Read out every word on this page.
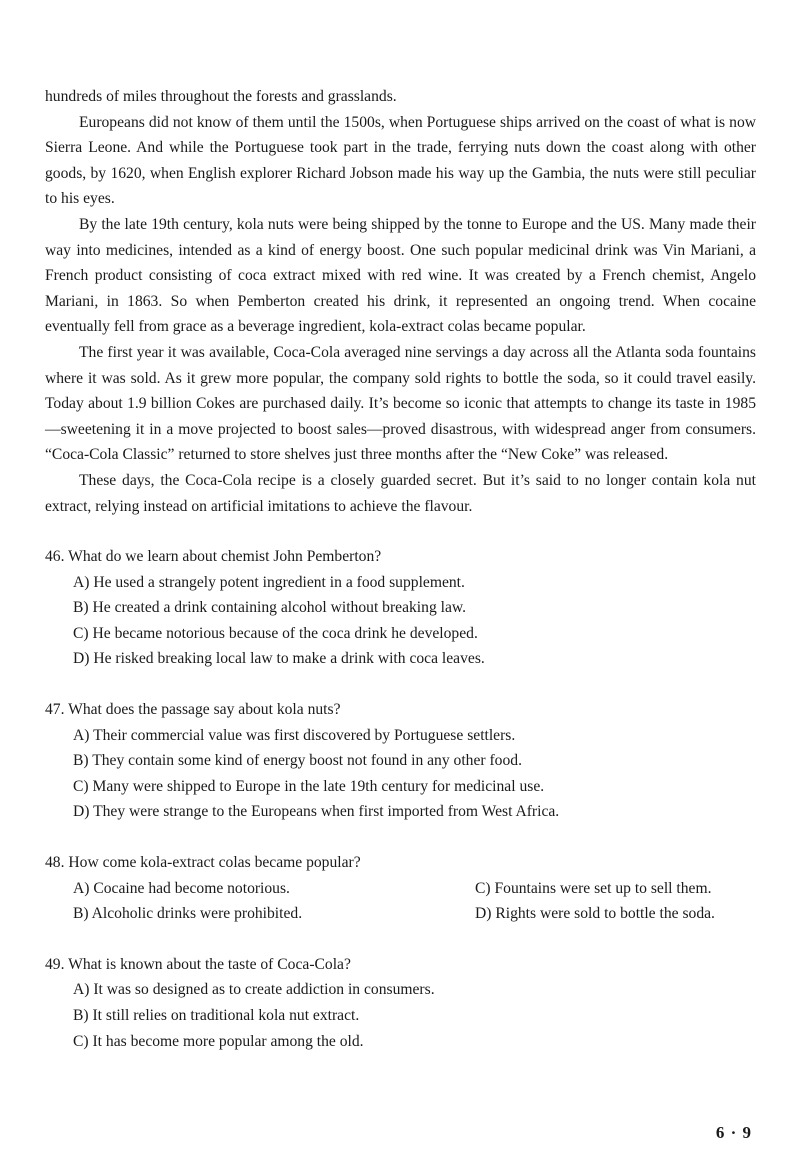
hundreds of miles throughout the forests and grasslands.

Europeans did not know of them until the 1500s, when Portuguese ships arrived on the coast of what is now Sierra Leone. And while the Portuguese took part in the trade, ferrying nuts down the coast along with other goods, by 1620, when English explorer Richard Jobson made his way up the Gambia, the nuts were still peculiar to his eyes.

By the late 19th century, kola nuts were being shipped by the tonne to Europe and the US. Many made their way into medicines, intended as a kind of energy boost. One such popular medicinal drink was Vin Mariani, a French product consisting of coca extract mixed with red wine. It was created by a French chemist, Angelo Mariani, in 1863. So when Pemberton created his drink, it represented an ongoing trend. When cocaine eventually fell from grace as a beverage ingredient, kola-extract colas became popular.

The first year it was available, Coca-Cola averaged nine servings a day across all the Atlanta soda fountains where it was sold. As it grew more popular, the company sold rights to bottle the soda, so it could travel easily. Today about 1.9 billion Cokes are purchased daily. It’s become so iconic that attempts to change its taste in 1985—sweetening it in a move projected to boost sales—proved disastrous, with widespread anger from consumers. “Coca-Cola Classic” returned to store shelves just three months after the “New Coke” was released.

These days, the Coca-Cola recipe is a closely guarded secret. But it’s said to no longer contain kola nut extract, relying instead on artificial imitations to achieve the flavour.

46. What do we learn about chemist John Pemberton?

A) He used a strangely potent ingredient in a food supplement.

B) He created a drink containing alcohol without breaking law.

C) He became notorious because of the coca drink he developed.

D) He risked breaking local law to make a drink with coca leaves.

47. What does the passage say about kola nuts?

A) Their commercial value was first discovered by Portuguese settlers.

B) They contain some kind of energy boost not found in any other food.

C) Many were shipped to Europe in the late 19th century for medicinal use.

D) They were strange to the Europeans when first imported from West Africa.

48. How come kola-extract colas became popular?

A) Cocaine had become notorious.	C) Fountains were set up to sell them.
B) Alcoholic drinks were prohibited.	D) Rights were sold to bottle the soda.

49. What is known about the taste of Coca-Cola?

A) It was so designed as to create addiction in consumers.

B) It still relies on traditional kola nut extract.

C) It has become more popular among the old.

6 · 9
